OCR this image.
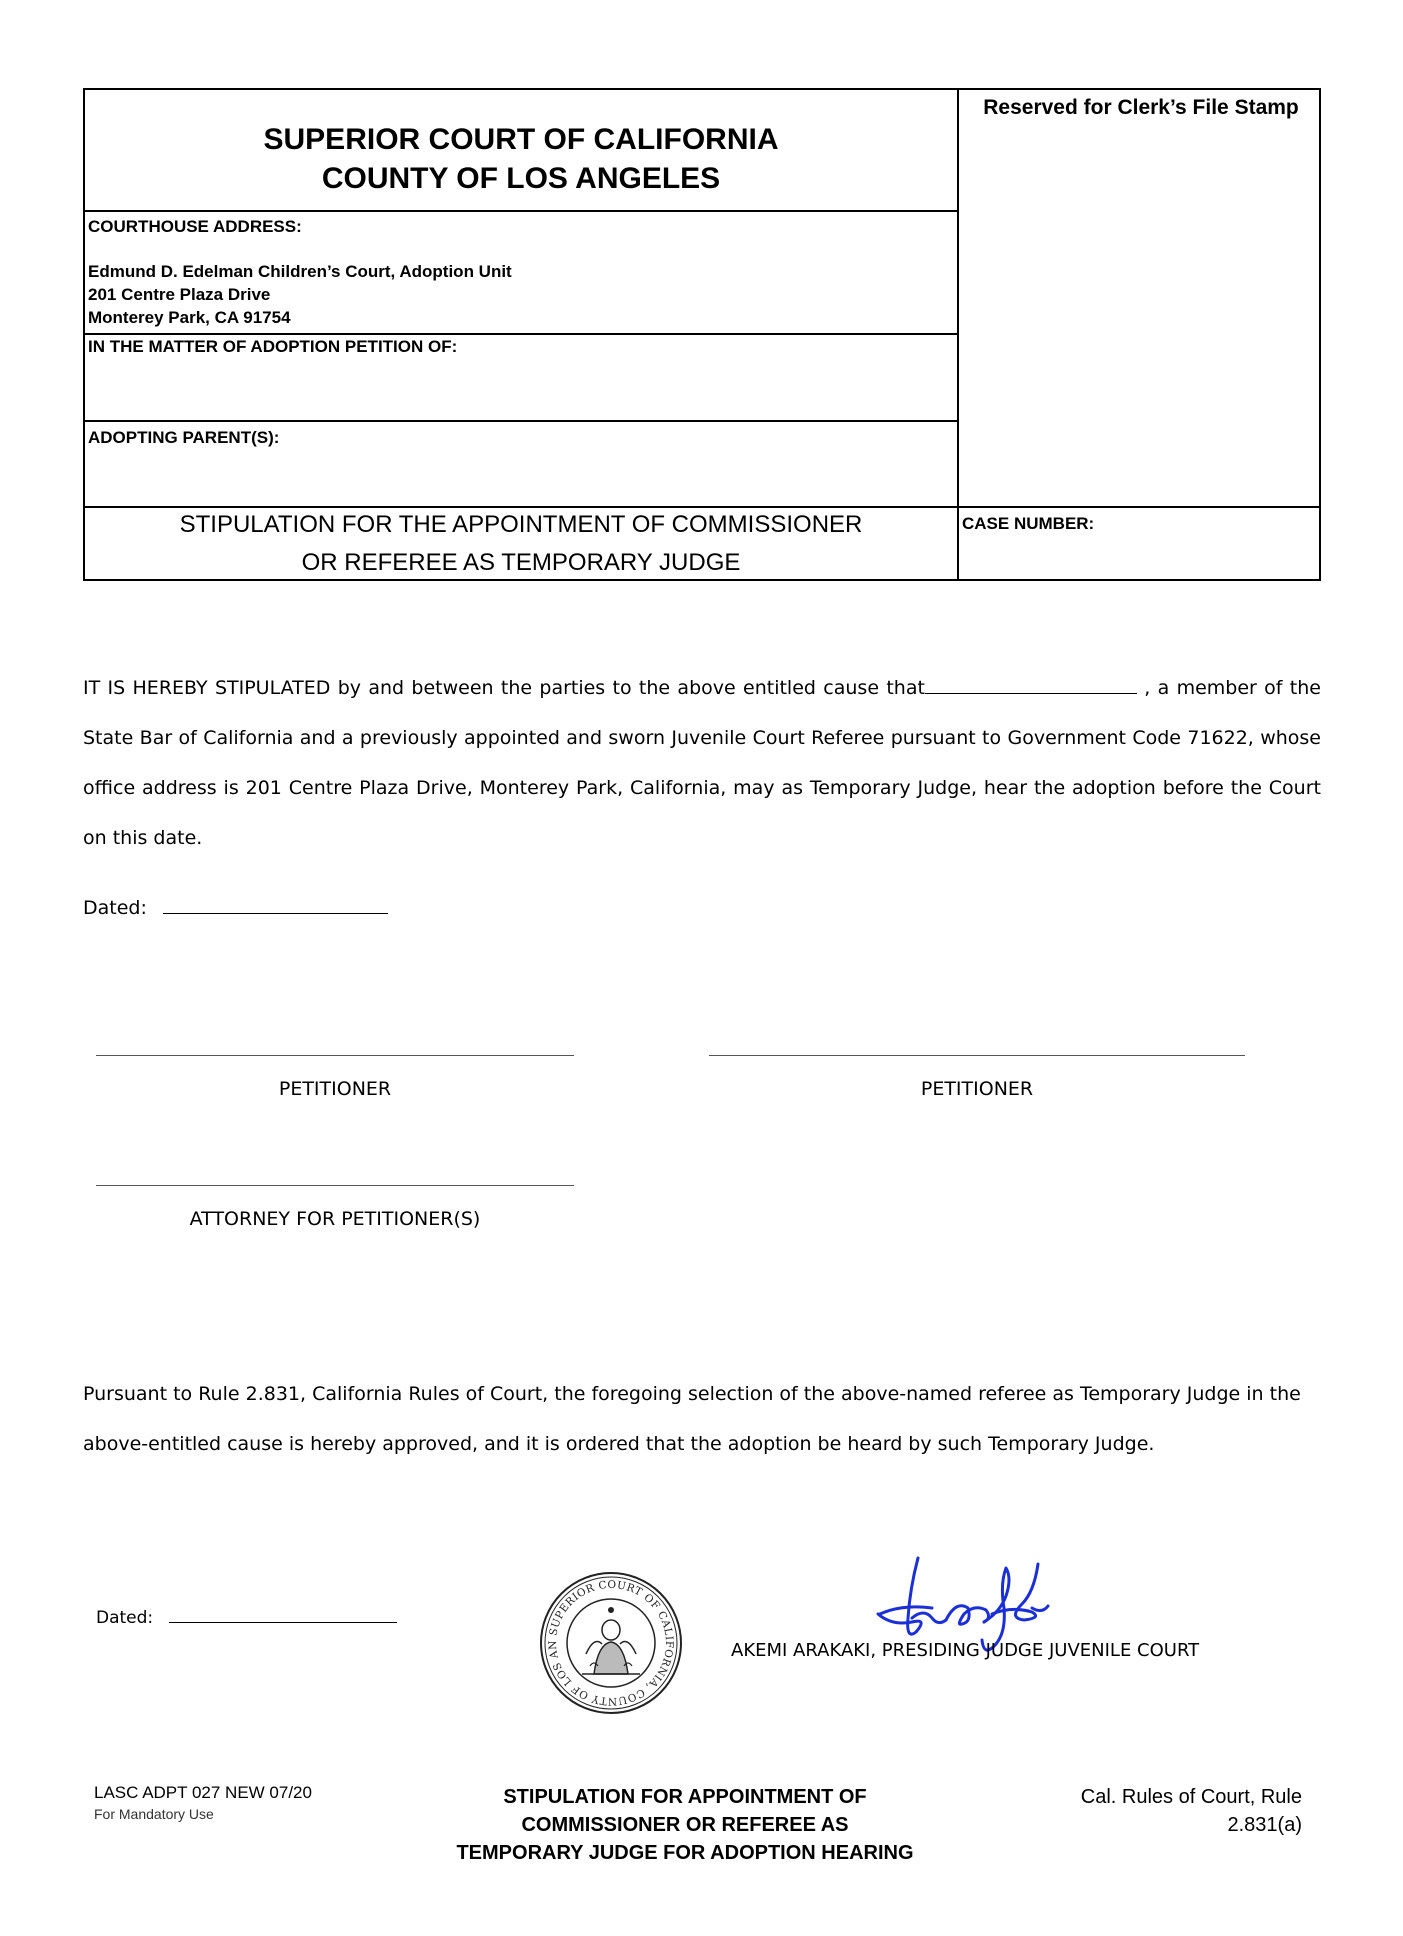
SUPERIOR COURT OF CALIFORNIA
COUNTY OF LOS ANGELES
Reserved for Clerk’s File Stamp
COURTHOUSE ADDRESS:
Edmund D. Edelman Children’s Court, Adoption Unit
201 Centre Plaza Drive
Monterey Park, CA 91754
IN THE MATTER OF ADOPTION PETITION OF:
ADOPTING PARENT(S):
STIPULATION FOR THE APPOINTMENT OF COMMISSIONER
OR REFEREE AS TEMPORARY JUDGE
CASE NUMBER:
IT IS HEREBY STIPULATED by and between the parties to the above entitled cause that	, a member of the State Bar of California and a previously appointed and sworn Juvenile Court Referee pursuant to Government Code 71622, whose office address is 201 Centre Plaza Drive, Monterey Park, California, may as Temporary Judge, hear the adoption before the Court on this date.
Dated:
PETITIONER	PETITIONER
ATTORNEY FOR PETITIONER(S)
Pursuant to Rule 2.831, California Rules of Court, the foregoing selection of the above-named referee as Temporary Judge in the above-entitled cause is hereby approved, and it is ordered that the adoption be heard by such Temporary Judge.
Dated:
SUPERIOR COURT OF CALIFORNIA, COUNTY OF LOS AN	AKEMI ARAKAKI, PRESIDING JUDGE JUVENILE COURT
LASC ADPT 027 NEW 07/20
For Mandatory Use
STIPULATION FOR APPOINTMENT OF
COMMISSIONER OR REFEREE AS
TEMPORARY JUDGE FOR ADOPTION HEARING
Cal. Rules of Court, Rule
2.831(a)
